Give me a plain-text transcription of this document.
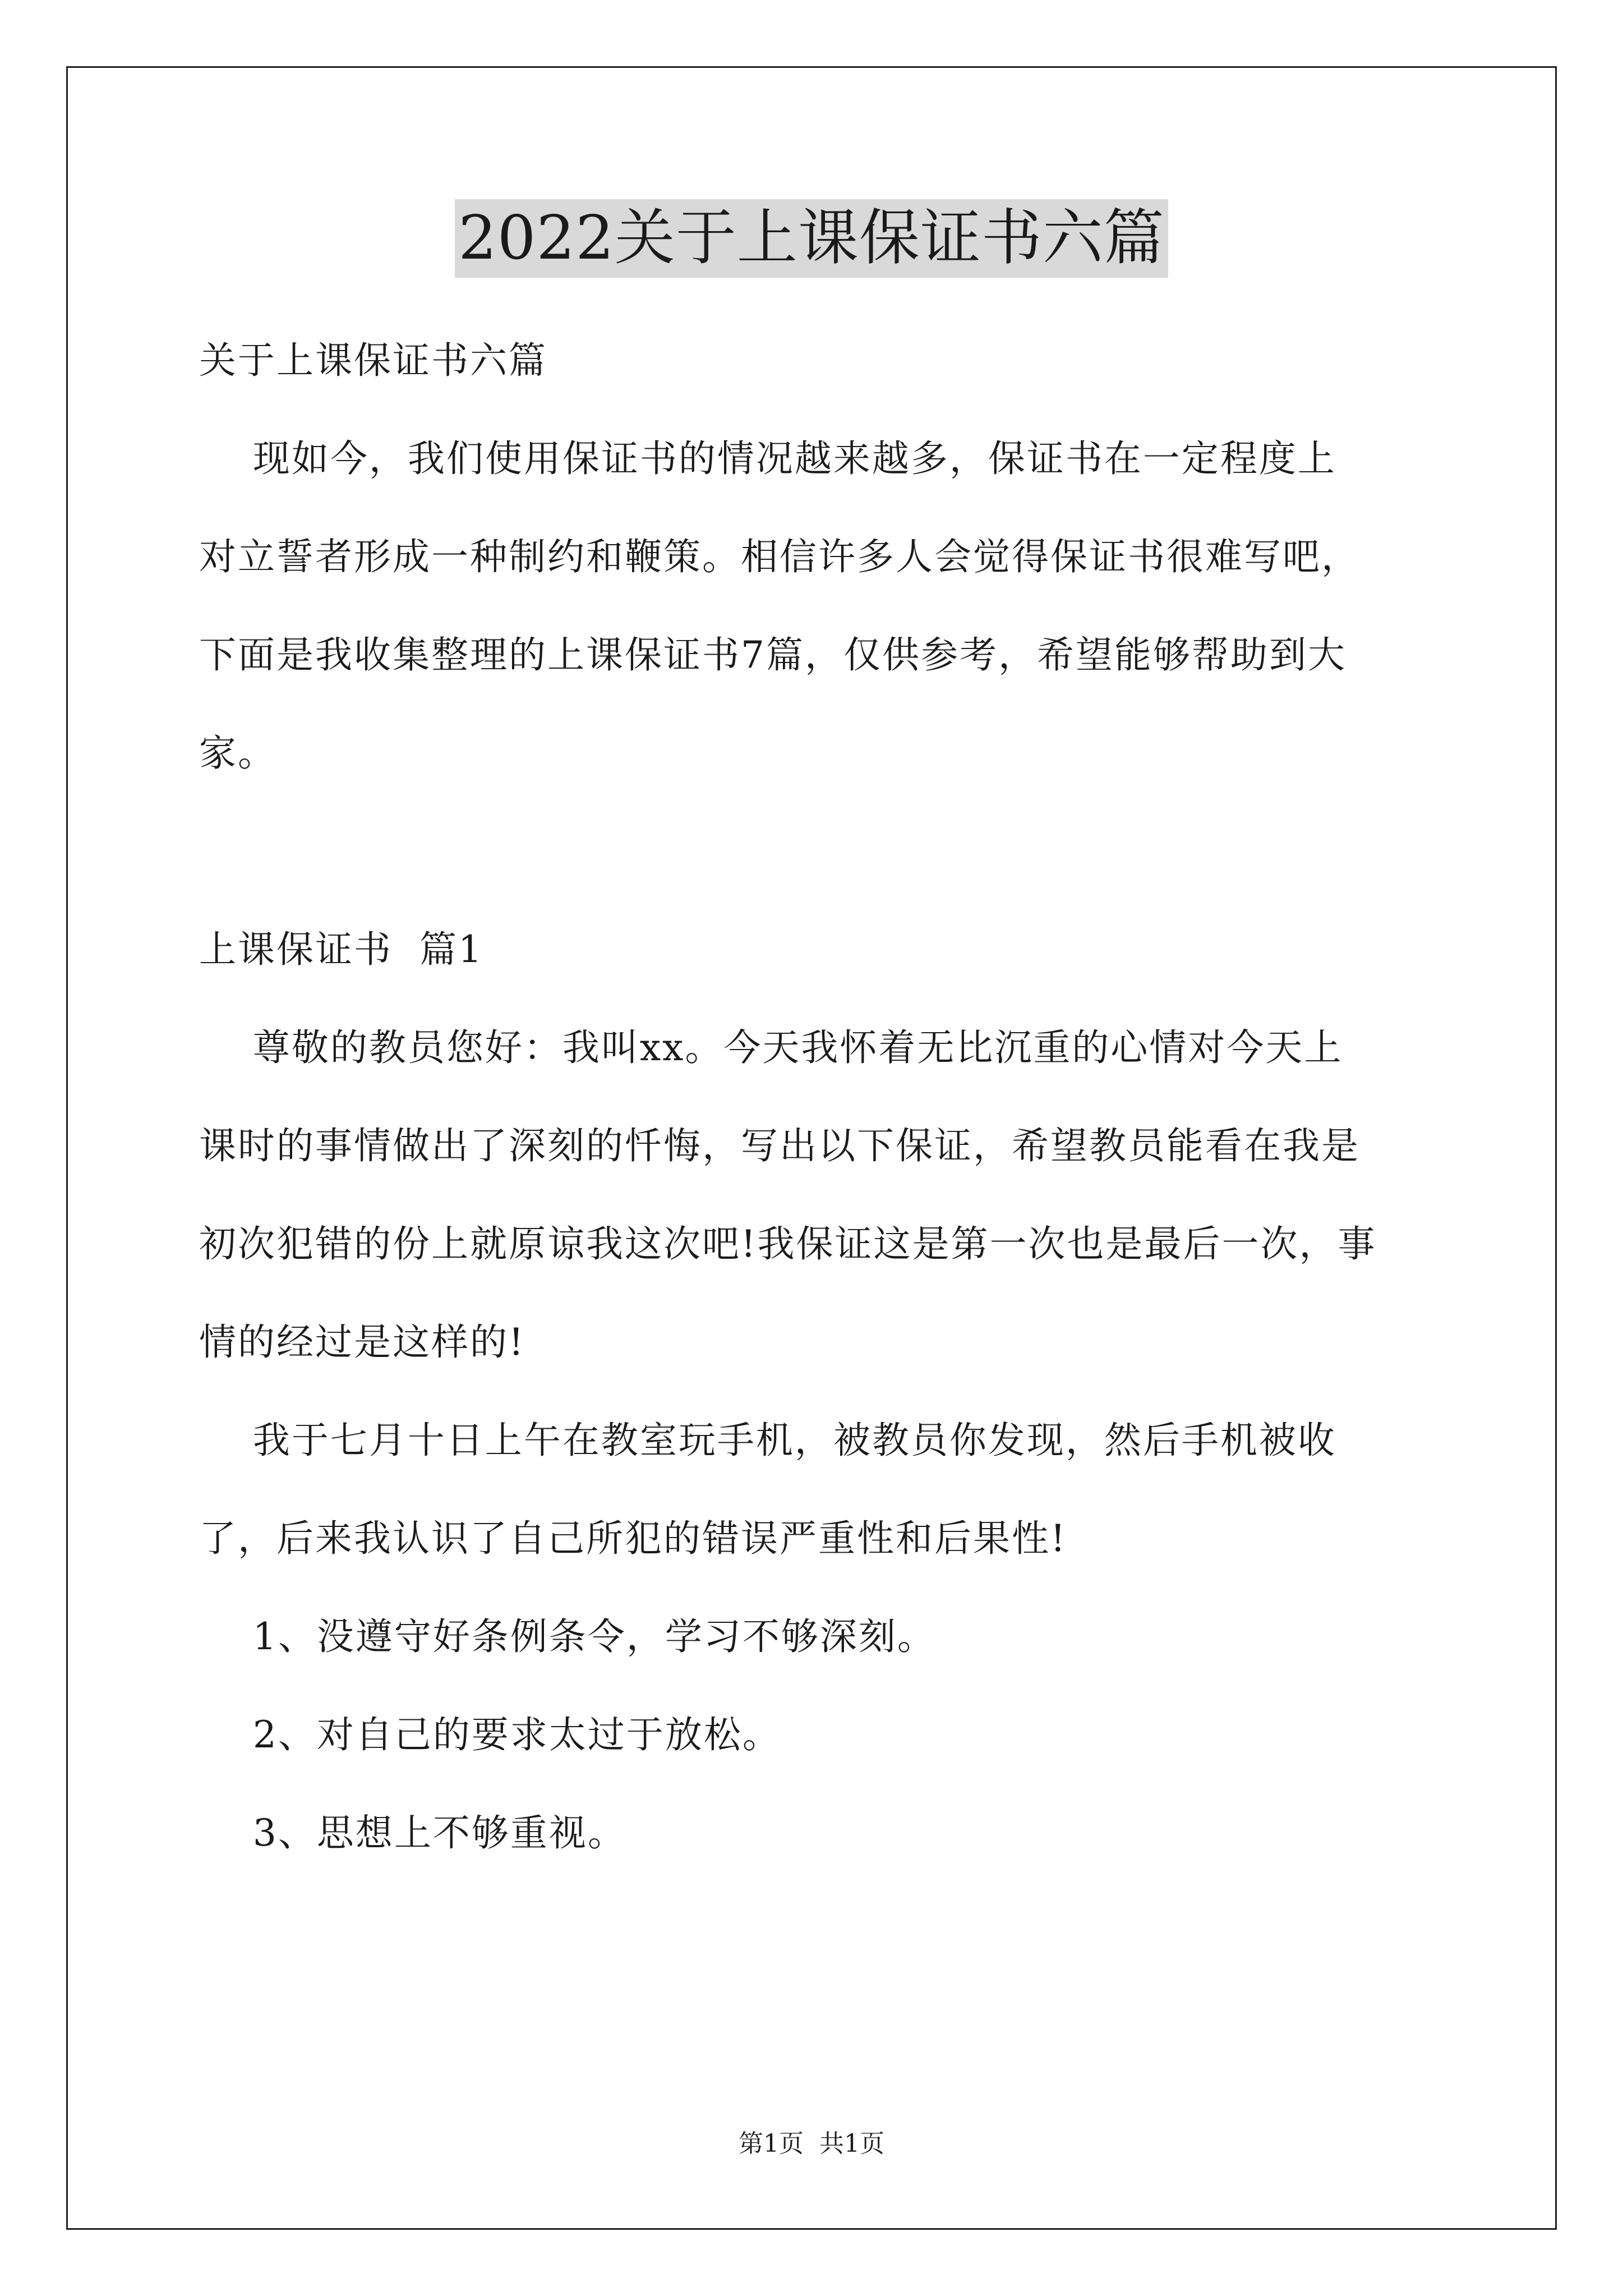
2022关于上课保证书六篇
关于上课保证书六篇
现如今，我们使用保证书的情况越来越多，保证书在一定程度上
对立誓者形成一种制约和鞭策。相信许多人会觉得保证书很难写吧，
下面是我收集整理的上课保证书7篇，仅供参考，希望能够帮助到大
家。
上课保证书  篇1
尊敬的教员您好：我叫xx。今天我怀着无比沉重的心情对今天上
课时的事情做出了深刻的忏悔，写出以下保证，希望教员能看在我是
初次犯错的份上就原谅我这次吧!我保证这是第一次也是最后一次，事
情的经过是这样的!
我于七月十日上午在教室玩手机，被教员你发现，然后手机被收
了，后来我认识了自己所犯的错误严重性和后果性!
1、没遵守好条例条令，学习不够深刻。
2、对自己的要求太过于放松。
3、思想上不够重视。
第1页 共1页
